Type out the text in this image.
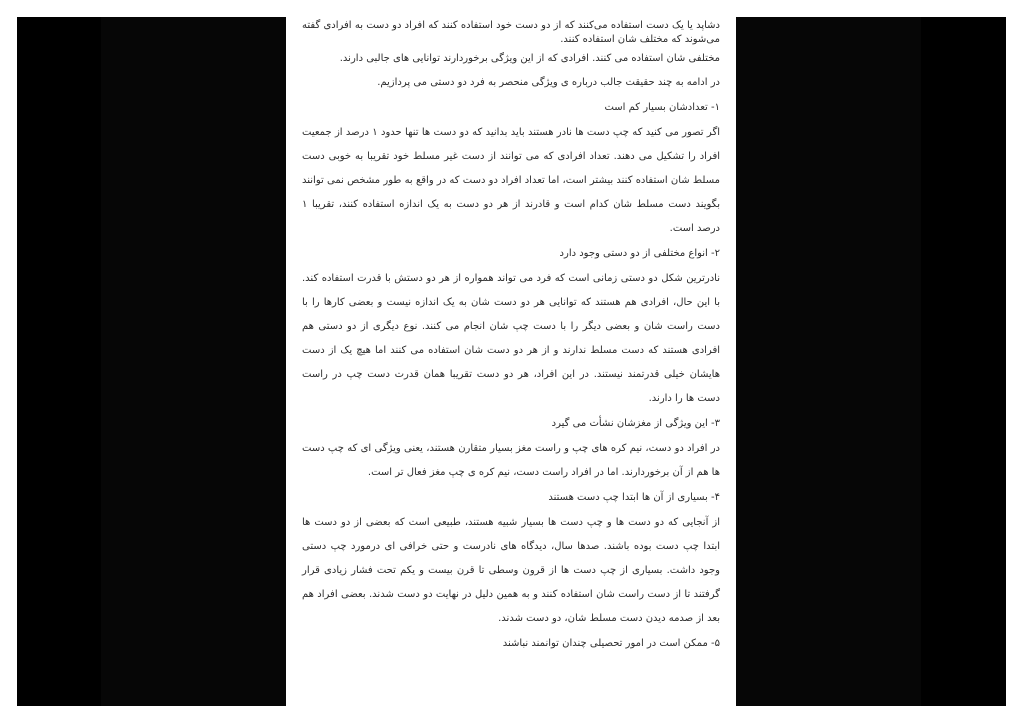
دشاپد یا یک دست استفاده می‌کنند که از دو دست خود استفاده کنند که افراد دو دست به افرادی گفته می‌شوند که مختلف شان استفاده کنند.

مختلفی شان استفاده می کنند. افرادی که از این ویژگی برخوردارند توانایی های جالبی دارند.

در ادامه به چند حقیقت جالب درباره ی ویژگی منحصر به فرد دو دستی می پردازیم.

۱- تعدادشان بسیار کم است

اگر تصور می کنید که چپ دست ها نادر هستند باید بدانید که دو دست ها تنها حدود ۱ درصد از جمعیت افراد را تشکیل می دهند. تعداد افرادی که می توانند از دست غیر مسلط خود تقریبا به خوبی دست مسلط شان استفاده کنند بیشتر است، اما تعداد افراد دو دست که در واقع به طور مشخص نمی توانند بگویند دست مسلط شان کدام است و قادرند از هر دو دست به یک اندازه استفاده کنند، تقریبا ۱ درصد است.

۲- انواع مختلفی از دو دستی وجود دارد

نادرترین شکل دو دستی زمانی است که فرد می تواند همواره از هر دو دستش با قدرت استفاده کند. با این حال، افرادی هم هستند که توانایی هر دو دست شان به یک اندازه نیست و بعضی کارها را با دست راست شان و بعضی دیگر را با دست چپ شان انجام می کنند. نوع دیگری از دو دستی هم افرادی هستند که دست مسلط ندارند و از هر دو دست شان استفاده می کنند اما هیچ یک از دست هایشان خیلی قدرتمند نیستند. در این افراد، هر دو دست تقریبا همان قدرت دست چپ در راست دست ها را دارند.

۳- این ویژگی از مغزشان نشأت می گیرد

در افراد دو دست، نیم کره های چپ و راست مغز بسیار متقارن هستند، یعنی ویژگی ای که چپ دست ها هم از آن برخوردارند. اما در افراد راست دست، نیم کره ی چپ مغز فعال تر است.

۴- بسیاری از آن ها ابتدا چپ دست هستند

از آنجایی که دو دست ها و چپ دست ها بسیار شبیه هستند، طبیعی است که بعضی از دو دست ها ابتدا چپ دست بوده باشند. صدها سال، دیدگاه های نادرست و حتی خرافی ای درمورد چپ دستی وجود داشت. بسیاری از چپ دست ها از قرون وسطی تا قرن بیست و یکم تحت فشار زیادی قرار گرفتند تا از دست راست شان استفاده کنند و به همین دلیل در نهایت دو دست شدند. بعضی افراد هم بعد از صدمه دیدن دست مسلط شان، دو دست شدند.

۵- ممکن است در امور تحصیلی چندان توانمند نباشند
